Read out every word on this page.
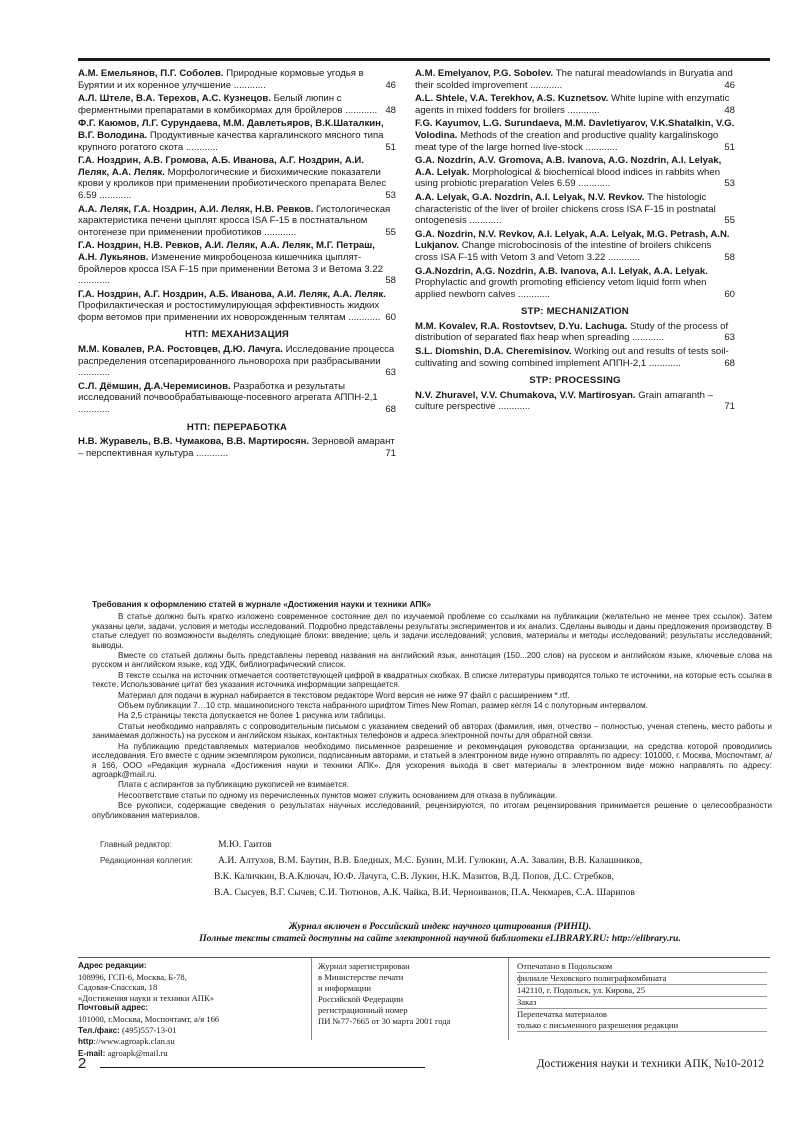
А.М. Емельянов, П.Г. Соболев. Природные кормовые угодья в Бурятии и их коренное улучшение ............	46
А.Л. Штеле, В.А. Терехов, А.С. Кузнецов. Белый люпин с ферментными препаратами в комбикормах для бройлеров ............ 48
Ф.Г. Каюмов, Л.Г. Сурундаева, М.М. Давлетьяров, В.К.Шаталкин, В.Г. Володина. Продуктивные качества каргалинского мясного типа крупного рогатого скота ............	51
Г.А. Ноздрин, А.В. Громова, А.Б. Иванова, А.Г. Ноздрин, А.И. Леляк, А.А. Леляк. Морфологические и биохимические показатели крови у кроликов при применении пробиотического препарата Велес 6.59 ............	53
А.А. Леляк, Г.А. Ноздрин, А.И. Леляк, Н.В. Ревков. Гистологическая характеристика печени цыплят кросса ISA F-15 в постнатальном онтогенезе при применении пробиотиков ............	55
Г.А. Ноздрин, Н.В. Ревков, А.И. Леляк, А.А. Леляк, М.Г. Петраш, А.Н. Лукьянов. Изменение микробоценоза кишечника цыплят-бройлеров кросса ISA F-15 при применении Ветома 3 и Ветома 3.22 ............	58
Г.А. Ноздрин, А.Г. Ноздрин, А.Б. Иванова, А.И. Леляк, А.А. Леляк.Профилактическая и ростостимулирующая эффективность жидких форм ветомов при применении их новорожденным телятам ............ 60
НТП: МЕХАНИЗАЦИЯ
М.М. Ковалев, Р.А. Ростовцев, Д.Ю. Лачуга. Исследование процесса распределения отсепарированного льновороха при разбрасывании ............	63
С.Л. Дёмшин, Д.А.Черемисинов. Разработка и результаты исследований почвообрабатывающе-посевного агрегата АППН-2,1 ............	68
НТП: ПЕРЕРАБОТКА
Н.В. Журавель, В.В. Чумакова, В.В. Мартиросян. Зерновой амарант – перспективная культура ............	71
A.M. Emelyanov, P.G. Sobolev. The natural meadowlands in Buryatia and their scolded improvement ............	46
A.L. Shtele, V.A. Terekhov, A.S. Kuznetsov. White lupine with enzymatic agents in mixed fodders for broilers ............	48
F.G. Kayumov, L.G. Surundaeva, M.M. Davletiyarov, V.K.Shatalkin, V.G. Volodina. Methods of the creation and productive quality kargalinskogo meat type of the large horned live-stock ............	51
G.A. Nozdrin, A.V. Gromova, A.B. Ivanova, A.G. Nozdrin, A.I. Lelyak, A.A. Lelyak. Morphological & biochemical blood indices in rabbits when using probiotic preparation Veles 6.59 ............	53
A.A. Lelyak, G.A. Nozdrin, A.I. Lelyak, N.V. Revkov. The histologic characteristic of the liver of broiler chickens cross ISA F-15 in postnatal ontogenesis ............	55
G.A. Nozdrin, N.V. Revkov, A.I. Lelyak, A.A. Lelyak, M.G. Petrash, A.N. Lukjanov. Change microbocinosis of the intestine of broilers chikcens cross ISA F-15 with Vetom 3 and Vetom 3.22 ............	58
G.A.Nozdrin, A.G. Nozdrin, A.B. Ivanova, A.I. Lelyak, A.A. Lelyak.Prophylactic and growth promoting efficiency vetom liquid form when applied newborn calves ............	60
STP: MECHANIZATION
M.M. Kovalev, R.A. Rostovtsev, D.Yu. Lachuga. Study of the process of distribution of separated flax heap when spreading ............	63
S.L. Diomshin, D.A. Cheremisinov. Working out and results of tests soil-cultivating and sowing combined implement АППН-2,1 ............	68
STP: PROCESSING
N.V. Zhuravel, V.V. Chumakova, V.V. Martirosyan. Grain amaranth – culture perspective ............	71
Требования к оформлению статей в журнале «Достижения науки и техники АПК»

В статье должно быть кратко изложено современное состояние дел по изучаемой проблеме со ссылками на публикации (желательно не менее трех ссылок). Затем указаны цели, задачи, условия и методы исследований. Подробно представлены результаты экспериментов и их анализ. Сделаны выводы и даны предложения производству. В статье следует по возможности выделять следующие блоки: введение; цель и задачи исследований; условия, материалы и методы исследований; результаты исследований; выводы.

Вместе со статьей должны быть представлены перевод названия на английский язык, аннотация (150...200 слов) на русском и английском языке, ключевые слова на русском и английском языке, код УДК, библиографический список.

В тексте ссылка на источник отмечается соответствующей цифрой в квадратных скобках. В списке литературы приводятся только те источники, на которые есть ссылка в тексте. Использование цитат без указания источника информации запрещается.

Материал для подачи в журнал набирается в текстовом редакторе Word версия не ниже 97 файл с расширением *.rtf.

Объем публикации 7…10 стр. машинописного текста набранного шрифтом Times New Roman, размер кегля 14 с полуторным интервалом.

На 2,5 страницы текста допускается не более 1 рисунка или таблицы.

Статьи необходимо направлять с сопроводительным письмом с указанием сведений об авторах (фамилия, имя, отчество – полностью, ученая степень, место работы и занимаемая должность) на русском и английском языках, контактных телефонов и адреса электронной почты для обратной связи.

На публикацию представляемых материалов необходимо письменное разрешение и рекомендация руководства организации, на средства которой проводились исследования. Его вместе с одним экземпляром рукописи, подписанным авторами, и статьей в электронном виде нужно отправлять по адресу: 101000, г. Москва, Моспочтамт, а/я 166, ООО «Редакция журнала «Достижения науки и техники АПК». Для ускорения выхода в свет материалы в электронном виде можно направлять по адресу: agroapk@mail.ru.

Плата с аспирантов за публикацию рукописей не взимается.

Несоответствие статьи по одному из перечисленных пунктов может служить основанием для отказа в публикации.

Все рукописи, содержащие сведения о результатах научных исследований, рецензируются, по итогам рецензирования принимается решение о целесообразности опубликования материалов.

Главный редактор:	М.Ю. Гаитов
Редакционная коллегия:	А.И. Алтухов, В.М. Баутин, В.В. Бледных, М.С. Бунин, М.И. Гулюкин, А.А. Завалин, В.В. Калашников,
В.К. Каличкин, В.А.Ключач, Ю.Ф. Лачуга, С.В. Лукин, Н.К. Мазитов, В.Д. Попов, Д.С. Стребков,
В.А. Сысуев, В.Г. Сычев, С.И. Тютюнов, А.К. Чайка, В.И. Черноиванов, П.А. Чекмарев, С.А. Шарипов
Журнал включен в Российский индекс научного цитирования (РИНЦ).
Полные тексты статей доступны на сайте электронной научной библиотеки eLIBRARY.RU: http://elibrary.ru.
Адрес редакции:
108996, ГСП-6, Москва, Б-78,
Садовая-Спасская, 18
«Достижения науки и техники АПК»
Почтовый адрес:
101000, г.Москва, Моспочтамт, а/я 166
Тел./факс: (495)557-13-01
http://www.agroapk.clan.su
E-mail: agroapk@mail.ru
Журнал зарегистрирован
в Министерстве печати
и информации
Российской Федерации
регистрационный номер
ПИ №77-7665 от 30 марта 2001 года
Отпечатано в Подольском
филиале Чеховского полиграфкомбината
142110, г. Подольск, ул. Кирова, 25
Заказ
Перепечатка материалов
только с письменного разрешения редакции
2	Достижения науки и техники АПК, №10-2012
